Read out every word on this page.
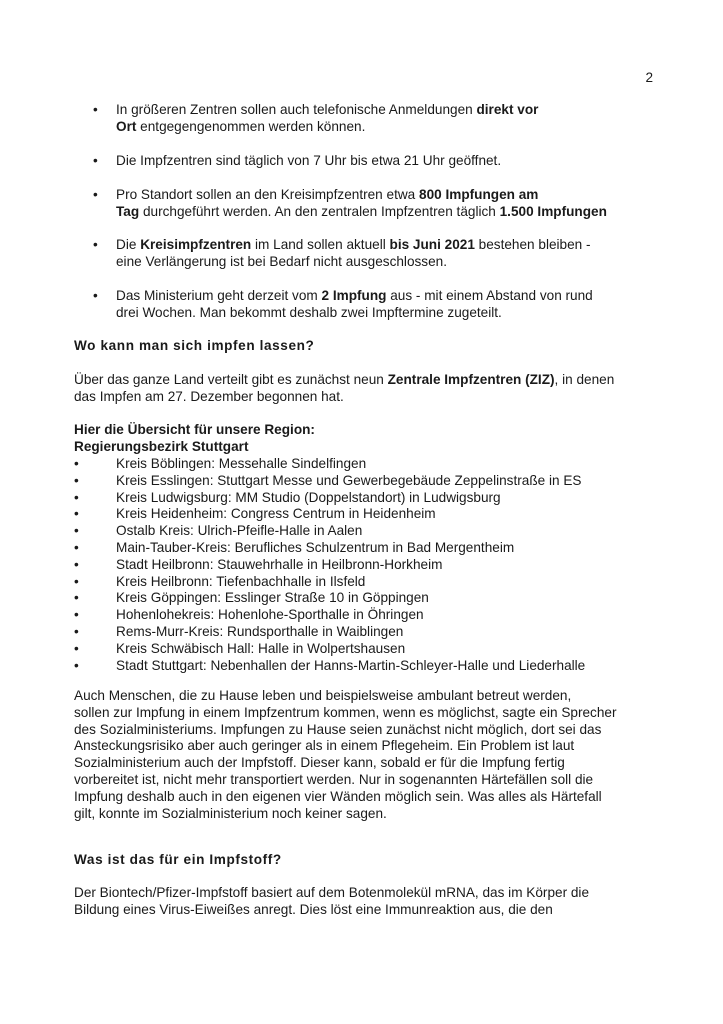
2
•	In größeren Zentren sollen auch telefonische Anmeldungen direkt vor
Ort entgegengenommen werden können.
•	Die Impfzentren sind täglich von 7 Uhr bis etwa 21 Uhr geöffnet.
•	Pro Standort sollen an den Kreisimpfzentren etwa 800 Impfungen am
Tag durchgeführt werden. An den zentralen Impfzentren täglich 1.500 Impfungen
•	Die Kreisimpfzentren im Land sollen aktuell bis Juni 2021 bestehen bleiben -
eine Verlängerung ist bei Bedarf nicht ausgeschlossen.
•	Das Ministerium geht derzeit vom 2 Impfung aus - mit einem Abstand von rund
drei Wochen. Man bekommt deshalb zwei Impftermine zugeteilt.
Wo kann man sich impfen lassen?

Über das ganze Land verteilt gibt es zunächst neun Zentrale Impfzentren (ZIZ), in denen
das Impfen am 27. Dezember begonnen hat.

Hier die Übersicht für unsere Region:

Regierungsbezirk Stuttgart

•	Kreis Böblingen: Messehalle Sindelfingen
•	Kreis Esslingen: Stuttgart Messe und Gewerbegebäude Zeppelinstraße in ES
•	Kreis Ludwigsburg: MM Studio (Doppelstandort) in Ludwigsburg
•	Kreis Heidenheim: Congress Centrum in Heidenheim
•	Ostalb Kreis: Ulrich-Pfeifle-Halle in Aalen
•	Main-Tauber-Kreis: Berufliches Schulzentrum in Bad Mergentheim
•	Stadt Heilbronn: Stauwehrhalle in Heilbronn-Horkheim
•	Kreis Heilbronn: Tiefenbachhalle in Ilsfeld
•	Kreis Göppingen: Esslinger Straße 10 in Göppingen
•	Hohenlohekreis: Hohenlohe-Sporthalle in Öhringen
•	Rems-Murr-Kreis: Rundsporthalle in Waiblingen
•	Kreis Schwäbisch Hall: Halle in Wolpertshausen
•	Stadt Stuttgart: Nebenhallen der Hanns-Martin-Schleyer-Halle und Liederhalle

Auch Menschen, die zu Hause leben und beispielsweise ambulant betreut werden,
sollen zur Impfung in einem Impfzentrum kommen, wenn es möglichst, sagte ein Sprecher
des Sozialministeriums. Impfungen zu Hause seien zunächst nicht möglich, dort sei das
Ansteckungsrisiko aber auch geringer als in einem Pflegeheim. Ein Problem ist laut
Sozialministerium auch der Impfstoff. Dieser kann, sobald er für die Impfung fertig
vorbereitet ist, nicht mehr transportiert werden. Nur in sogenannten Härtefällen soll die
Impfung deshalb auch in den eigenen vier Wänden möglich sein. Was alles als Härtefall
gilt, konnte im Sozialministerium noch keiner sagen.

Was ist das für ein Impfstoff?

Der Biontech/Pfizer-Impfstoff basiert auf dem Botenmolekül mRNA, das im Körper die
Bildung eines Virus-Eiweißes anregt. Dies löst eine Immunreaktion aus, die den
